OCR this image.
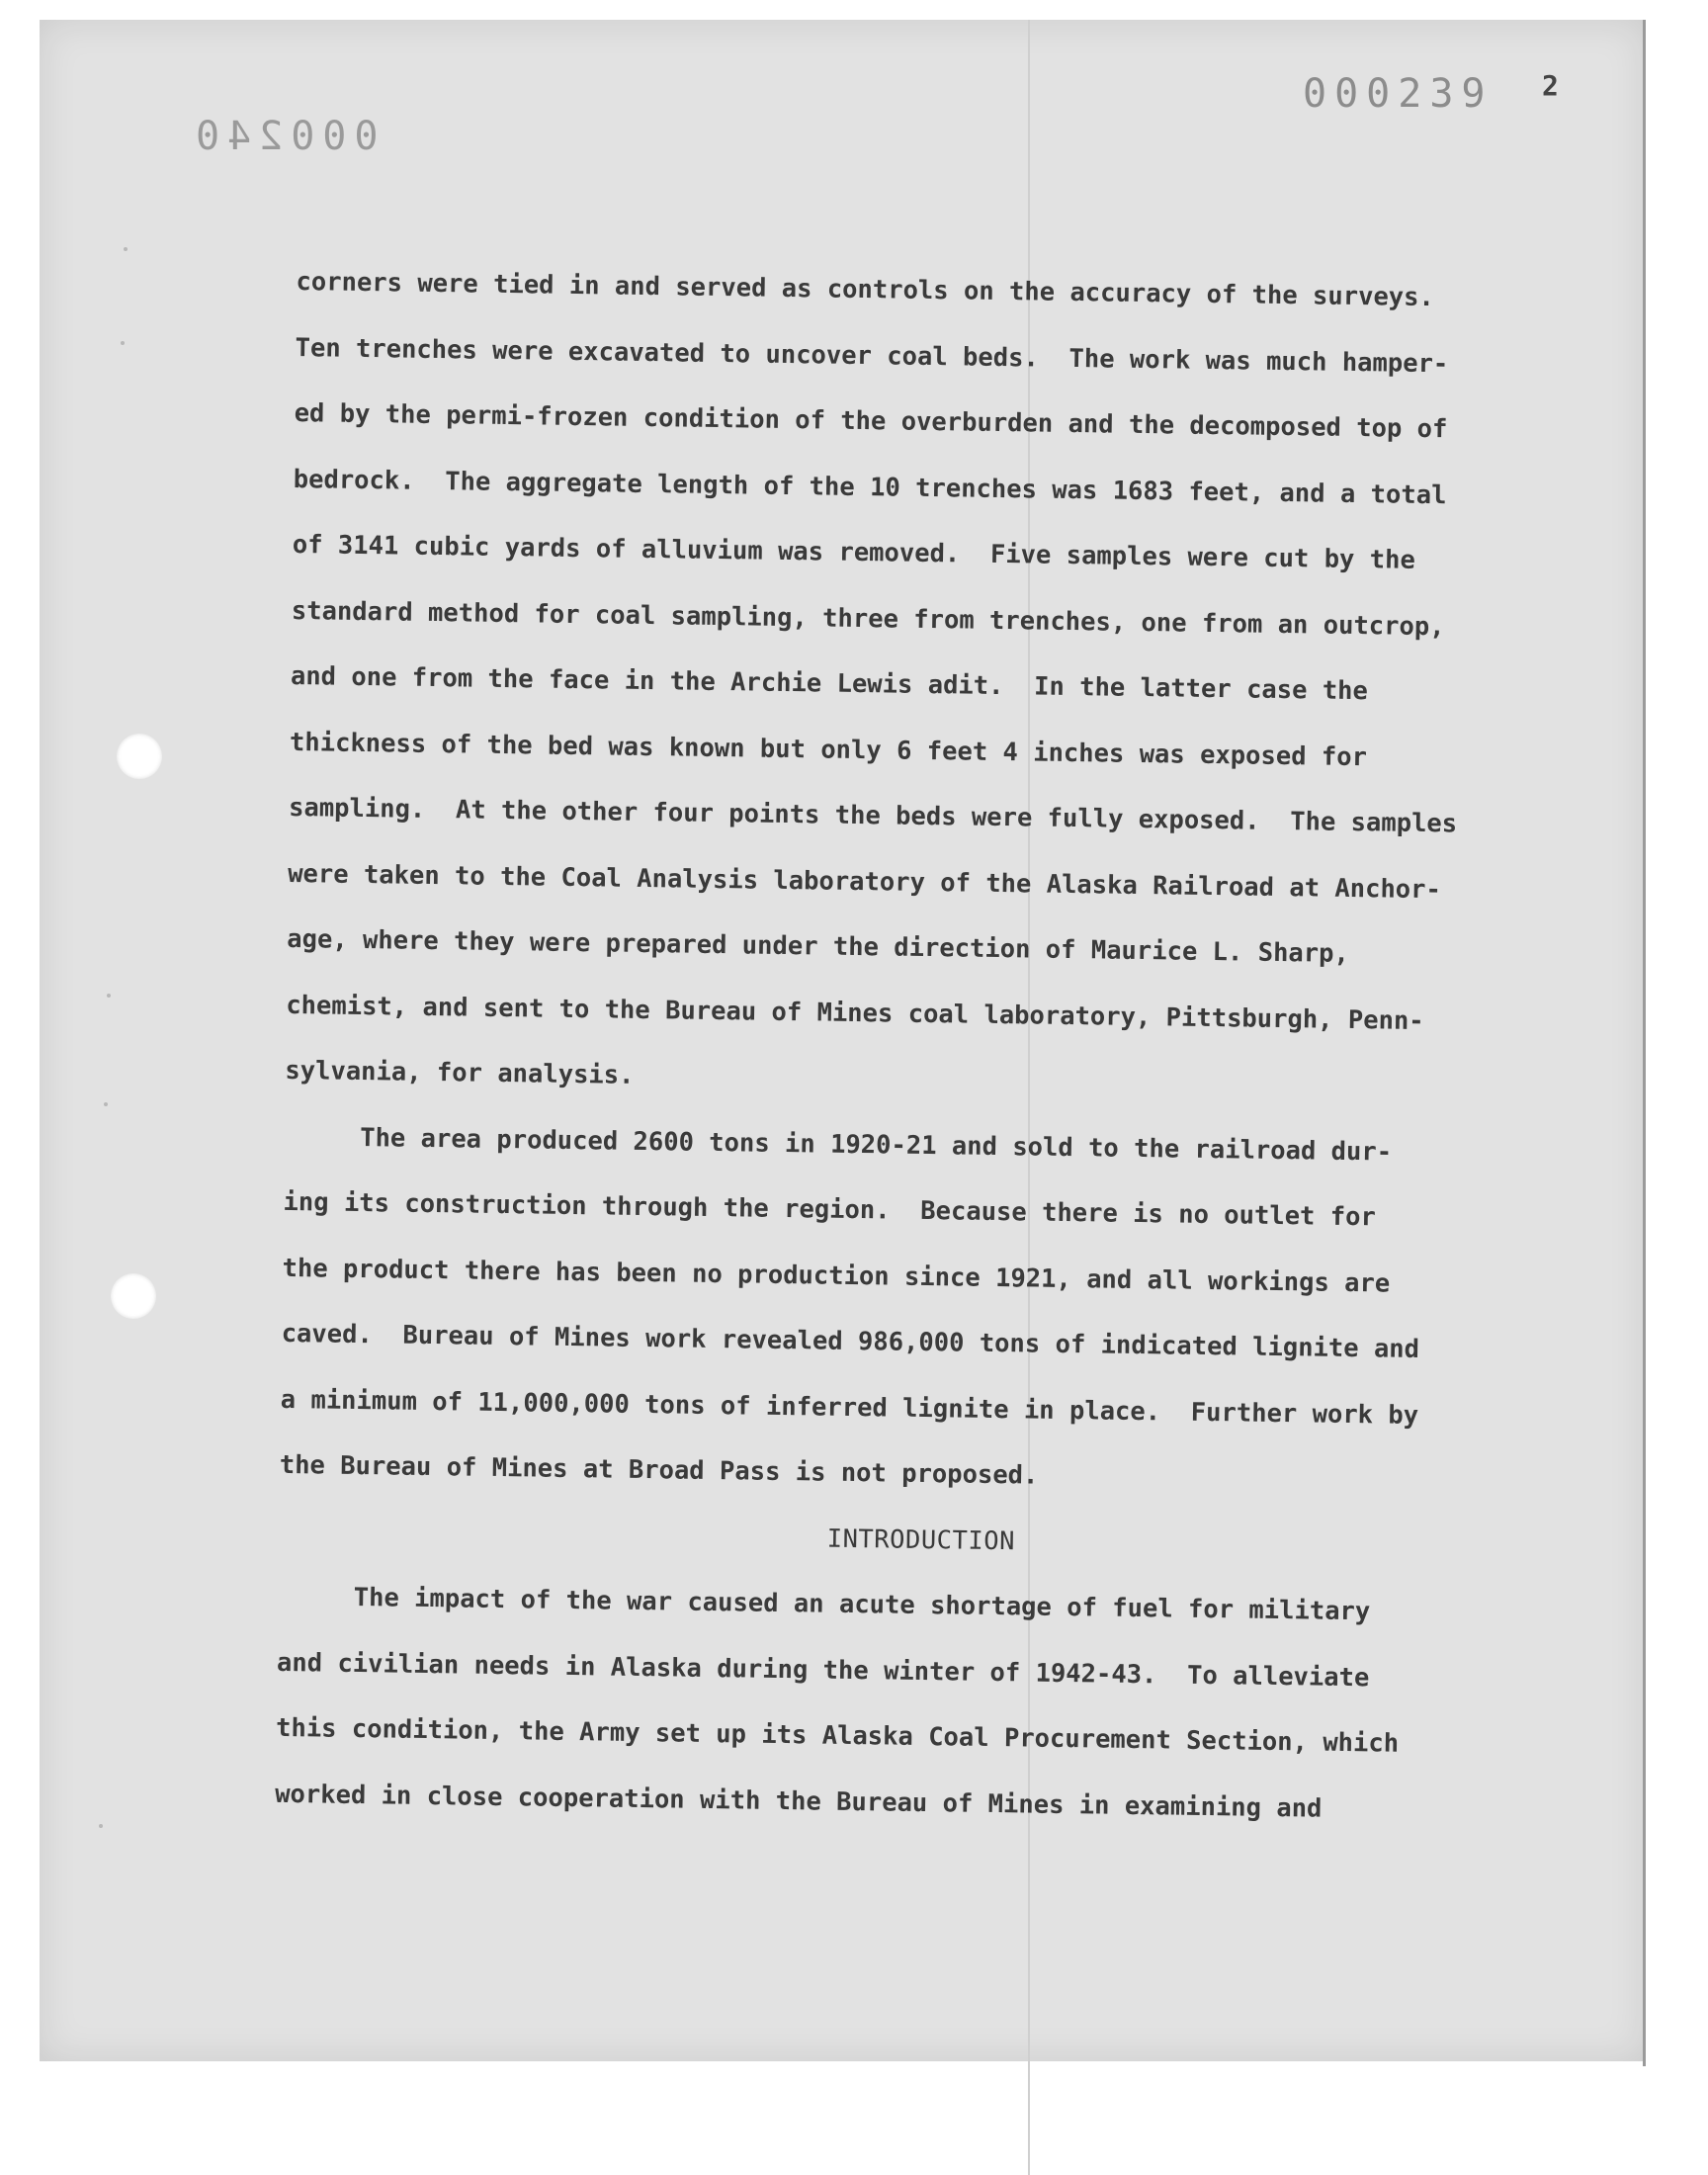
000239
000240
2
corners were tied in and served as controls on the accuracy of the surveys.
Ten trenches were excavated to uncover coal beds.  The work was much hamper-
ed by the permi-frozen condition of the overburden and the decomposed top of
bedrock.  The aggregate length of the 10 trenches was 1683 feet, and a total
of 3141 cubic yards of alluvium was removed.  Five samples were cut by the
standard method for coal sampling, three from trenches, one from an outcrop,
and one from the face in the Archie Lewis adit.  In the latter case the
thickness of the bed was known but only 6 feet 4 inches was exposed for
sampling.  At the other four points the beds were fully exposed.  The samples
were taken to the Coal Analysis laboratory of the Alaska Railroad at Anchor-
age, where they were prepared under the direction of Maurice L. Sharp,
chemist, and sent to the Bureau of Mines coal laboratory, Pittsburgh, Penn-
sylvania, for analysis.
The area produced 2600 tons in 1920-21 and sold to the railroad dur-
ing its construction through the region.  Because there is no outlet for
the product there has been no production since 1921, and all workings are
caved.  Bureau of Mines work revealed 986,000 tons of indicated lignite and
a minimum of 11,000,000 tons of inferred lignite in place.  Further work by
the Bureau of Mines at Broad Pass is not proposed.
INTRODUCTION
The impact of the war caused an acute shortage of fuel for military
and civilian needs in Alaska during the winter of 1942-43.  To alleviate
this condition, the Army set up its Alaska Coal Procurement Section, which
worked in close cooperation with the Bureau of Mines in examining and
